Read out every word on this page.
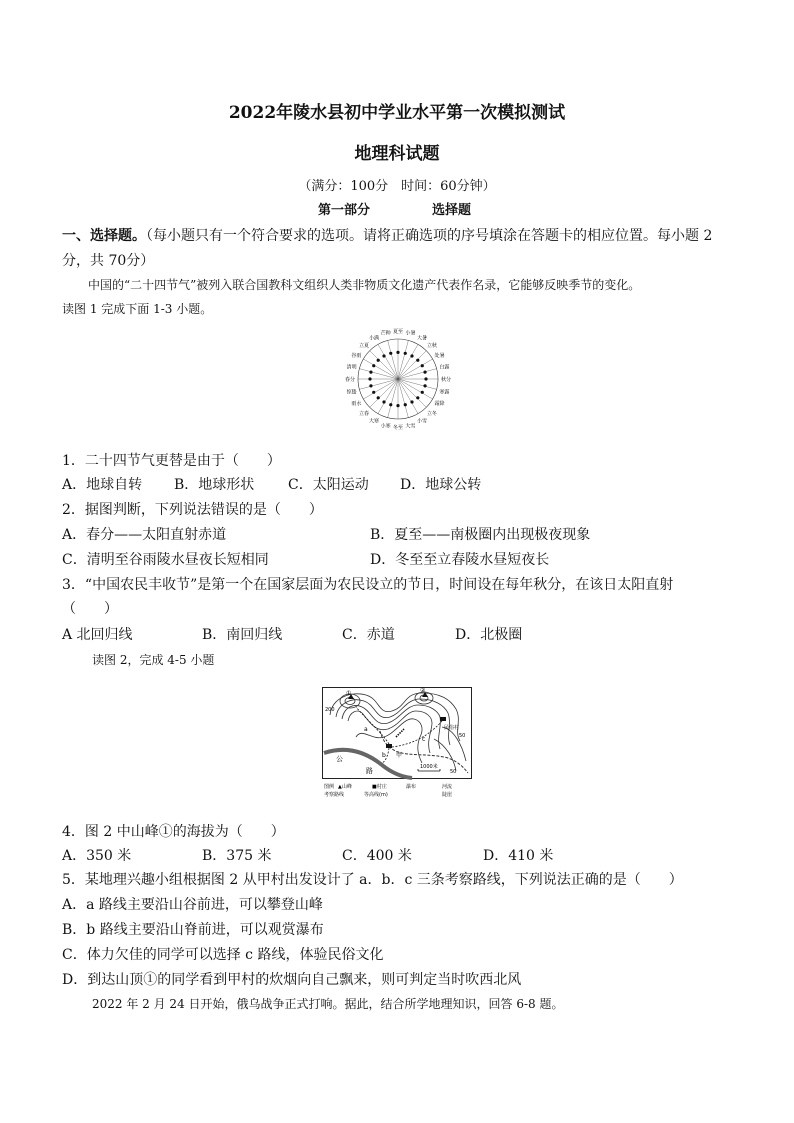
2022年陵水县初中学业水平第一次模拟测试
地理科试题
（满分：100分　时间：60分钟）
第一部分	选择题
一、选择题。（每小题只有一个符合要求的选项。请将正确选项的序号填涂在答题卡的相应位置。每小题 2
分，共 70分）
中国的“二十四节气”被列入联合国教科文组织人类非物质文化遗产代表作名录，它能够反映季节的变化。
读图 1 完成下面 1-3 小题。
夏至 小暑
大暑
立秋
处暑
白露
秋分
寒露
霜降
立冬
小雪
大雪
冬至
小寒
大寒
立春
雨水
惊蛰
春分
清明
谷雨
立夏
小满
芒种
1．二十四节气更替是由于（　　）
A．地球自转 B．地球形状 C．太阳运动 D．地球公转
2．据图判断，下列说法错误的是（　　）
A．春分——太阳直射赤道	B．夏至——南极圈内出现极夜现象
C．清明至谷雨陵水昼夜长短相同	D．冬至至立春陵水昼短夜长
3．“中国农民丰收节”是第一个在国家层面为农民设立的节日，时间设在每年秋分，在该日太阳直射
（　　）
A 北回归线	B．南回归线	C．赤道	D．北极圈
读图 2，完成 4-5 小题
①	②
200
50
50
a
b
c
甲
民俗村
公
路	1000米
图例 ▲山峰	■村庄	瀑布	河流
考察路线	等高线(m)	陡崖
4．图 2 中山峰①的海拔为（　　）
A．350 米	B．375 米	C．400 米	D．410 米
5．某地理兴趣小组根据图 2 从甲村出发设计了 a．b．c 三条考察路线，下列说法正确的是（　　）
A．a 路线主要沿山谷前进，可以攀登山峰
B．b 路线主要沿山脊前进，可以观赏瀑布
C．体力欠佳的同学可以选择 c 路线，体验民俗文化
D．到达山顶①的同学看到甲村的炊烟向自己飘来，则可判定当时吹西北风
2022 年 2 月 24 日开始，俄乌战争正式打响。据此，结合所学地理知识，回答 6-8 题。
